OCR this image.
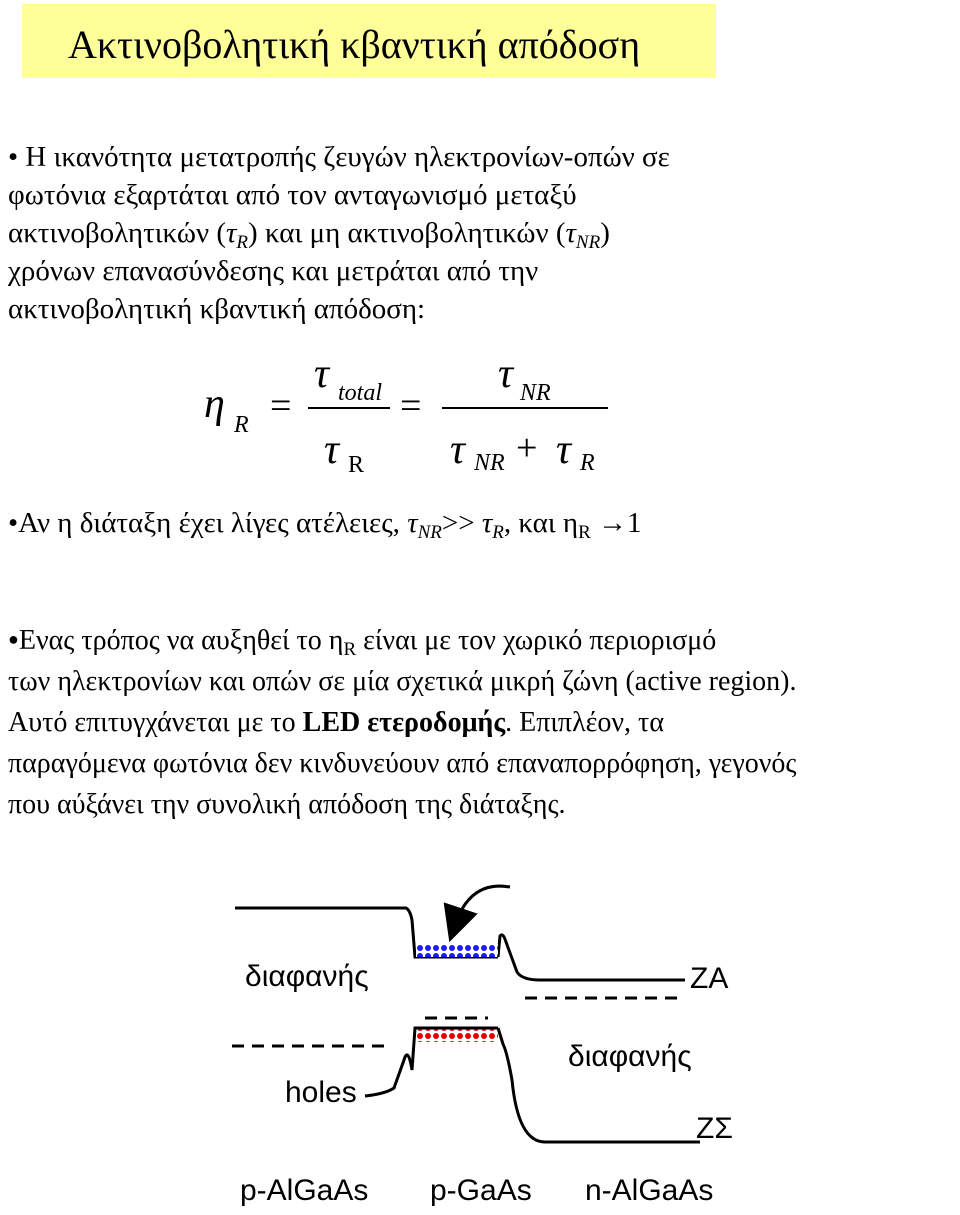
Ακτινοβολητική κβαντική απόδοση
• Η ικανότητα μετατροπής ζευγών ηλεκτρονίων-οπών σε
φωτόνια εξαρτάται από τον ανταγωνισμό μεταξύ
ακτινοβολητικών $(\tau_R)$ και μη ακτινοβολητικών $(\tau_{NR})$
χρόνων επανασύνδεσης και μετράται από την
ακτινοβολητική κβαντική απόδοση:
η R =
τ total
τ R
=
τ NR
τ NR + τ R
•Αν η διάταξη έχει λίγες ατέλειες, $\tau_{NR}>> \tau_R$, και $\eta_R \to 1$
●Ενας τρόπος να αυξηθεί το $\eta_R$ είναι με τον χωρικό περιορισμό
των ηλεκτρονίων και οπών σε μία σχετικά μικρή ζώνη (active region).
Αυτό επιτυγχάνεται με το LED ετεροδομής. Επιπλέον, τα
παραγόμενα φωτόνια δεν κινδυνεύουν από επαναπορρόφηση, γεγονός
που αύξάνει την συνολική απόδοση της διάταξης.
διαφανής	ΖΑ
διαφανής
holes
ΖΣ
p-AlGaAs p-GaAs n-AlGaAs
